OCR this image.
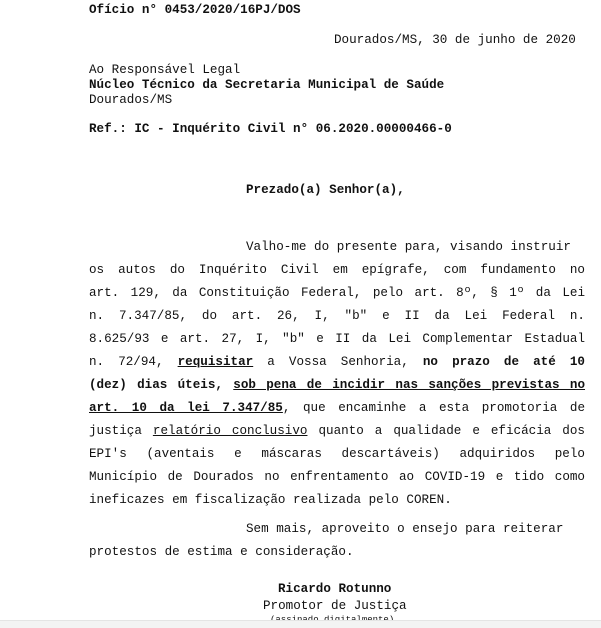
Ofício n° 0453/2020/16PJ/DOS
Dourados/MS, 30 de junho de 2020
Ao Responsável Legal
Núcleo Técnico da Secretaria Municipal de Saúde
Dourados/MS
Ref.: IC - Inquérito Civil n° 06.2020.00000466-0
Prezado(a) Senhor(a),
Valho-me do presente para, visando instruir
os autos do Inquérito Civil em epígrafe, com fundamento no
art. 129, da Constituição Federal, pelo art. 8º, § 1º da Lei
n. 7.347/85, do art. 26, I, "b" e II da Lei Federal n.
8.625/93 e art. 27, I, "b" e II da Lei Complementar Estadual
n. 72/94, requisitar a Vossa Senhoria, no prazo de até 10
(dez) dias úteis, sob pena de incidir nas sanções previstas no
art. 10 da lei 7.347/85, que encaminhe a esta promotoria de
justiça relatório conclusivo quanto a qualidade e eficácia dos
EPI's (aventais e máscaras descartáveis) adquiridos pelo
Município de Dourados no enfrentamento ao COVID-19 e tido como
ineficazes em fiscalização realizada pelo COREN.
Sem mais, aproveito o ensejo para reiterar
protestos de estima e consideração.
Ricardo Rotunno
Promotor de Justiça
